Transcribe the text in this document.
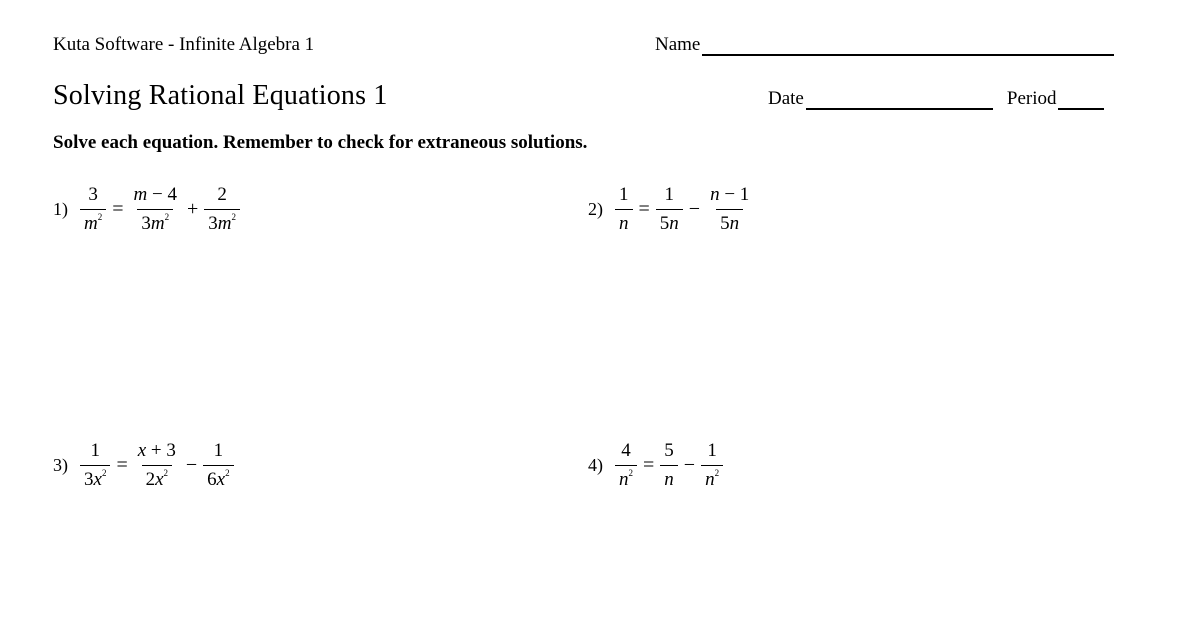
Kuta Software - Infinite Algebra 1	Name
Solving Rational Equations 1	Date	Period
Solve each equation. Remember to check for extraneous solutions.
$1) \frac{3}{m^2} = \frac{m - 4}{3m^2} + \frac{2}{3m^2}$	$2) \frac{1}{n} = \frac{1}{5n} - \frac{n - 1}{5n}$
$3) \frac{1}{3x^2} = \frac{x + 3}{2x^2} - \frac{1}{6x^2}$	$4) \frac{4}{n^2} = \frac{5}{n} - \frac{1}{n^2}$
